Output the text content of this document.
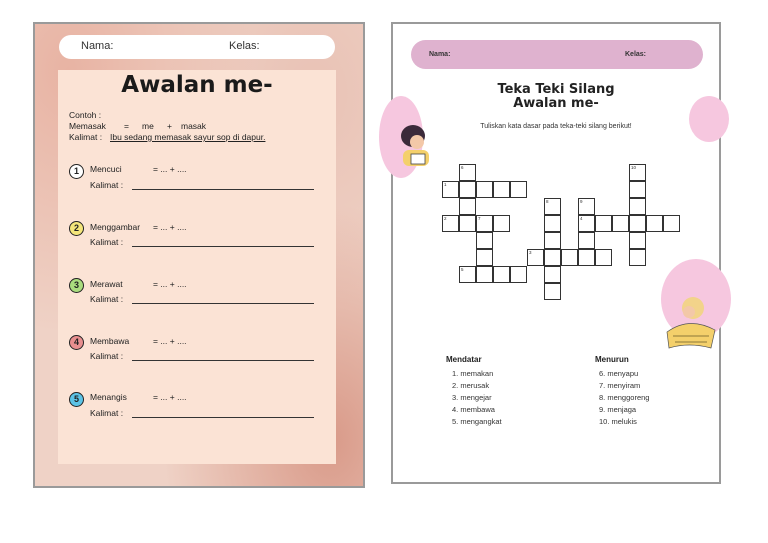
Nama:	Kelas:
Awalan me-
Contoh :
Memasak = me + masak
Kalimat : Ibu sedang memasak sayur sop di dapur.
1	Mencuci	= ... + ....
Kalimat :
2	Menggambar = ... + ....
Kalimat :
3	Merawat	= ... + ....
Kalimat :
4	Membawa	= ... + ....
Kalimat :
5	Menangis	= ... + ....
Kalimat :
Nama:	Kelas:
Teka Teki Silang
Awalan me-
Tuliskan kata dasar pada teka-teki silang berikut!
6
1
8	9
10
2	7	4
3
5
Mendatar	Menurun
1. memakan
2. merusak
3. mengejar
4. membawa
5. mengangkat
6. menyapu
7. menyiram
8. menggoreng
9. menjaga
10. melukis
